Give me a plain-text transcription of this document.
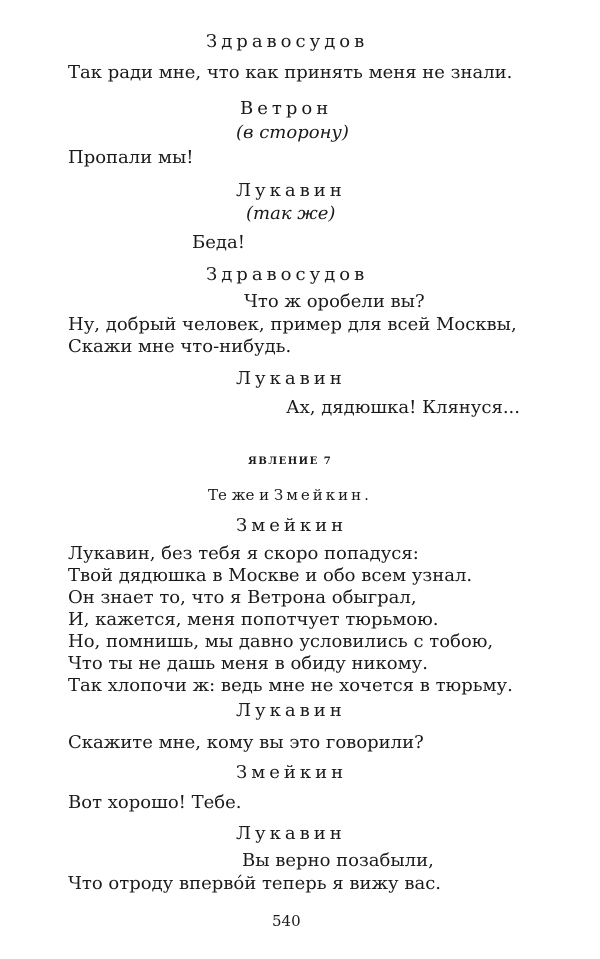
Здравосудов
Так ради мне, что как принять меня не знали.
Ветрон
(в сторону)
Пропали мы!
Лукавин
(так же)
Беда!
Здравосудов
Что ж оробели вы?
Ну, добрый человек, пример для всей Москвы,
Скажи мне что-нибудь.
Лукавин
Ах, дядюшка! Клянуся...
ЯВЛЕНИЕ 7
Те же и Змейкин.
Змейкин
Лукавин, без тебя я скоро попадуся:
Твой дядюшка в Москве и обо всем узнал.
Он знает то, что я Ветрона обыграл,
И, кажется, меня попотчует тюрьмою.
Но, помнишь, мы давно условились с тобою,
Что ты не дашь меня в обиду никому.
Так хлопочи ж: ведь мне не хочется в тюрьму.
Лукавин
Скажите мне, кому вы это говорили?
Змейкин
Вот хорошо! Тебе.
Лукавин
Вы верно позабыли,
Что отроду впервóй теперь я вижу вас.
540
